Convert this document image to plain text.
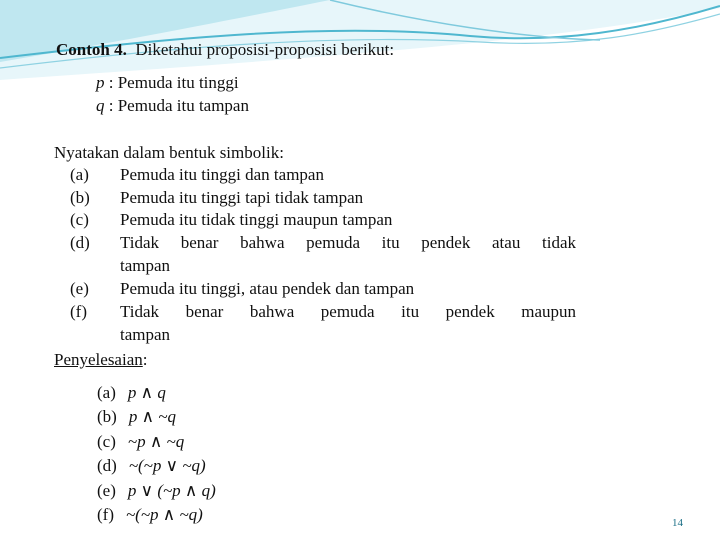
Contoh 4. Diketahui proposisi-proposisi berikut:
p : Pemuda itu tinggi
q : Pemuda itu tampan
Nyatakan dalam bentuk simbolik:
(a) Pemuda itu tinggi dan tampan
(b) Pemuda itu tinggi tapi tidak tampan
(c) Pemuda itu tidak tinggi maupun tampan
(d) Tidak benar bahwa pemuda itu pendek atau tidak
tampan
(e) Pemuda itu tinggi, atau pendek dan tampan
(f) Tidak benar bahwa pemuda itu pendek maupun
tampan
Penyelesaian:
(a) p ∧ q
(b) p ∧ ~q
(c) ~p ∧ ~q
(d) ~(~p ∨ ~q)
(e) p ∨ (~p ∧ q)
(f) ~(~p ∧ ~q)	14
